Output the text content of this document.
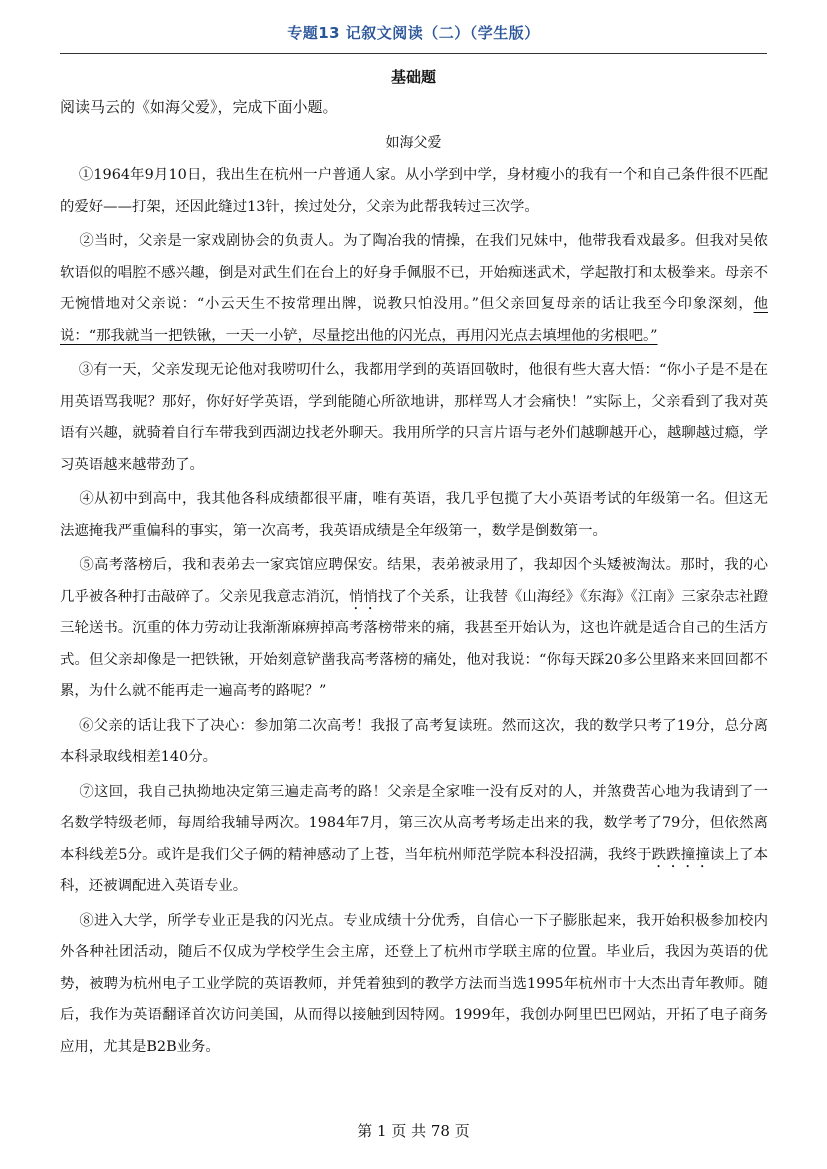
专题13 记叙文阅读（二）（学生版）
基础题
阅读马云的《如海父爱》，完成下面小题。
如海父爱

①1964年9月10日，我出生在杭州一户普通人家。从小学到中学，身材瘦小的我有一个和自己条件很不匹配的爱好——打架，还因此缝过13针，挨过处分，父亲为此帮我转过三次学。

②当时，父亲是一家戏剧协会的负责人。为了陶冶我的情操，在我们兄妹中，他带我看戏最多。但我对吴侬软语似的唱腔不感兴趣，倒是对武生们在台上的好身手佩服不已，开始痴迷武术，学起散打和太极拳来。母亲不无惋惜地对父亲说：“小云天生不按常理出牌，说教只怕没用。”但父亲回复母亲的话让我至今印象深刻，他说：“那我就当一把铁锹，一天一小铲，尽量挖出他的闪光点，再用闪光点去填埋他的劣根吧。”

③有一天，父亲发现无论他对我唠叨什么，我都用学到的英语回敬时，他很有些大喜大悟：“你小子是不是在用英语骂我呢？那好，你好好学英语，学到能随心所欲地讲，那样骂人才会痛快！”实际上，父亲看到了我对英语有兴趣，就骑着自行车带我到西湖边找老外聊天。我用所学的只言片语与老外们越聊越开心，越聊越过瘾，学习英语越来越带劲了。

④从初中到高中，我其他各科成绩都很平庸，唯有英语，我几乎包揽了大小英语考试的年级第一名。但这无法遮掩我严重偏科的事实，第一次高考，我英语成绩是全年级第一，数学是倒数第一。

⑤高考落榜后，我和表弟去一家宾馆应聘保安。结果，表弟被录用了，我却因个头矮被淘汰。那时，我的心几乎被各种打击敲碎了。父亲见我意志消沉，悄悄找了个关系，让我替《山海经》《东海》《江南》三家杂志社蹬三轮送书。沉重的体力劳动让我渐渐麻痹掉高考落榜带来的痛，我甚至开始认为，这也许就是适合自己的生活方式。但父亲却像是一把铁锹，开始刻意铲凿我高考落榜的痛处，他对我说：“你每天踩20多公里路来来回回都不累，为什么就不能再走一遍高考的路呢？”

⑥父亲的话让我下了决心：参加第二次高考！我报了高考复读班。然而这次，我的数学只考了19分，总分离本科录取线相差140分。

⑦这回，我自己执拗地决定第三遍走高考的路！父亲是全家唯一没有反对的人，并煞费苦心地为我请到了一名数学特级老师，每周给我辅导两次。1984年7月，第三次从高考考场走出来的我，数学考了79分，但依然离本科线差5分。或许是我们父子俩的精神感动了上苍，当年杭州师范学院本科没招满，我终于跌跌撞撞读上了本科，还被调配进入英语专业。

⑧进入大学，所学专业正是我的闪光点。专业成绩十分优秀，自信心一下子膨胀起来，我开始积极参加校内外各种社团活动，随后不仅成为学校学生会主席，还登上了杭州市学联主席的位置。毕业后，我因为英语的优势，被聘为杭州电子工业学院的英语教师，并凭着独到的教学方法而当选1995年杭州市十大杰出青年教师。随后，我作为英语翻译首次访问美国，从而得以接触到因特网。1999年，我创办阿里巴巴网站，开拓了电子商务应用，尤其是B2B业务。

第 1 页 共 78 页
